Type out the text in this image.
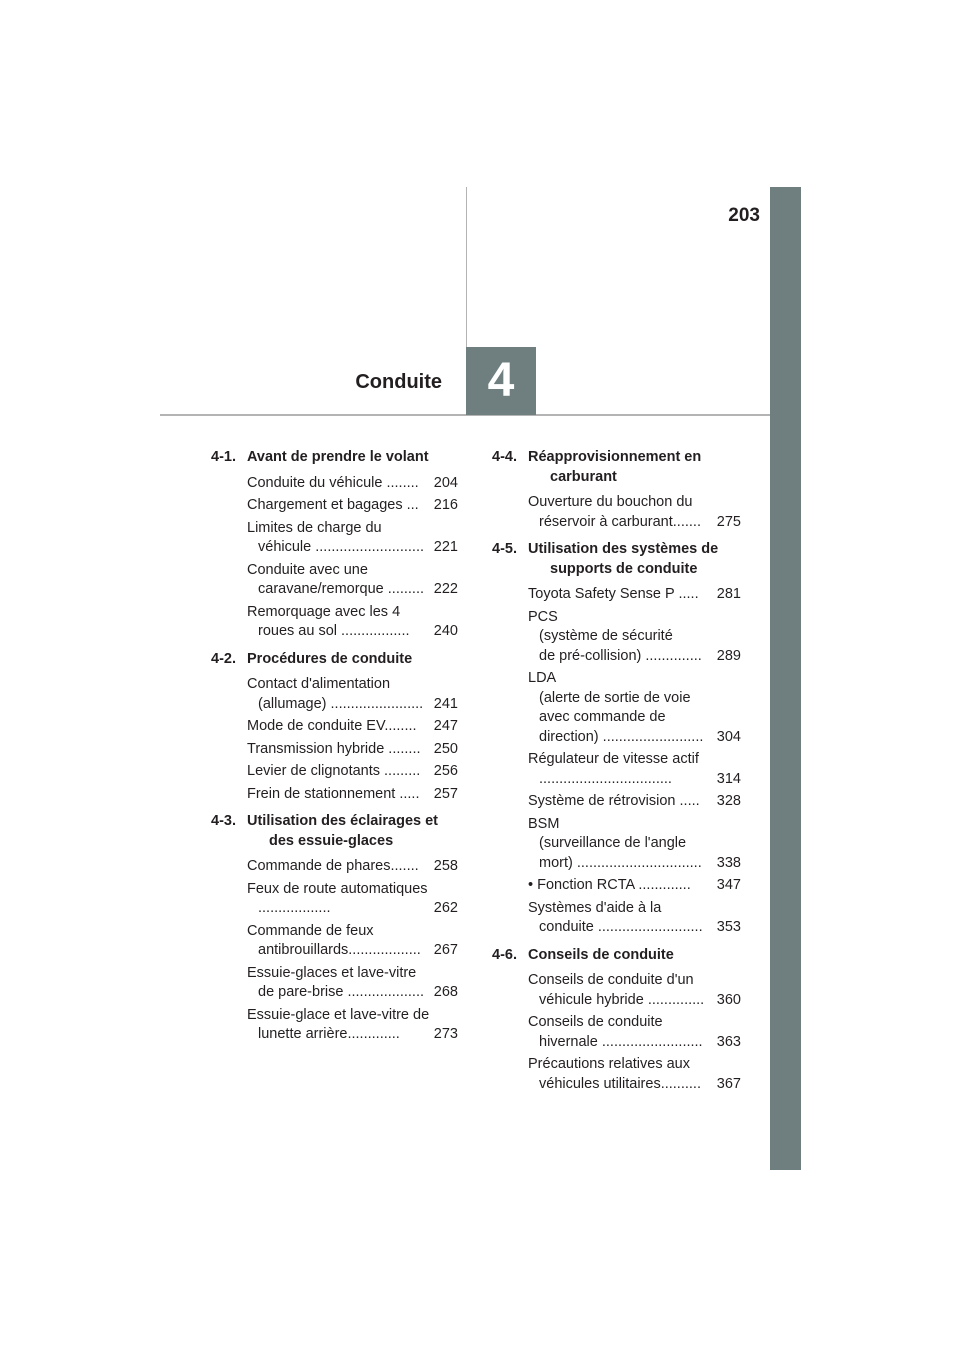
203
Conduite 4
4-1. Avant de prendre le volant
Conduite du véhicule ........	204
Chargement et bagages ...	216
Limites de charge du véhicule ........................... 221
Conduite avec une caravane/remorque ......... 222
Remorquage avec les 4 roues au sol .................	240
4-2. Procédures de conduite
Contact d'alimentation (allumage) ....................... 241
Mode de conduite EV........	247
Transmission hybride ........ 250
Levier de clignotants ......... 256
Frein de stationnement ..... 257
4-3. Utilisation des éclairages et des essuie-glaces
Commande de phares.......	258
Feux de route automatiques ..................	262
Commande de feux antibrouillards.................. 267
Essuie-glaces et lave-vitre de pare-brise ................... 268
Essuie-glace et lave-vitre de lunette arrière.............	273
4-4. Réapprovisionnement en carburant
Ouverture du bouchon du réservoir à carburant.......	275
4-5. Utilisation des systèmes de supports de conduite
Toyota Safety Sense P .....	281
PCS
(système de sécurité
de pré-collision) ..............	289
LDA
(alerte de sortie de voie
avec commande de
direction) ......................... 304
Régulateur de vitesse actif .................................	314
Système de rétrovision .....	328
BSM
(surveillance de l'angle
mort) ...............................	338
• Fonction RCTA .............	347
Systèmes d'aide à la conduite .......................... 353
4-6. Conseils de conduite
Conseils de conduite d'un véhicule hybride .............. 360
Conseils de conduite hivernale ......................... 363
Précautions relatives aux véhicules utilitaires..........	367
